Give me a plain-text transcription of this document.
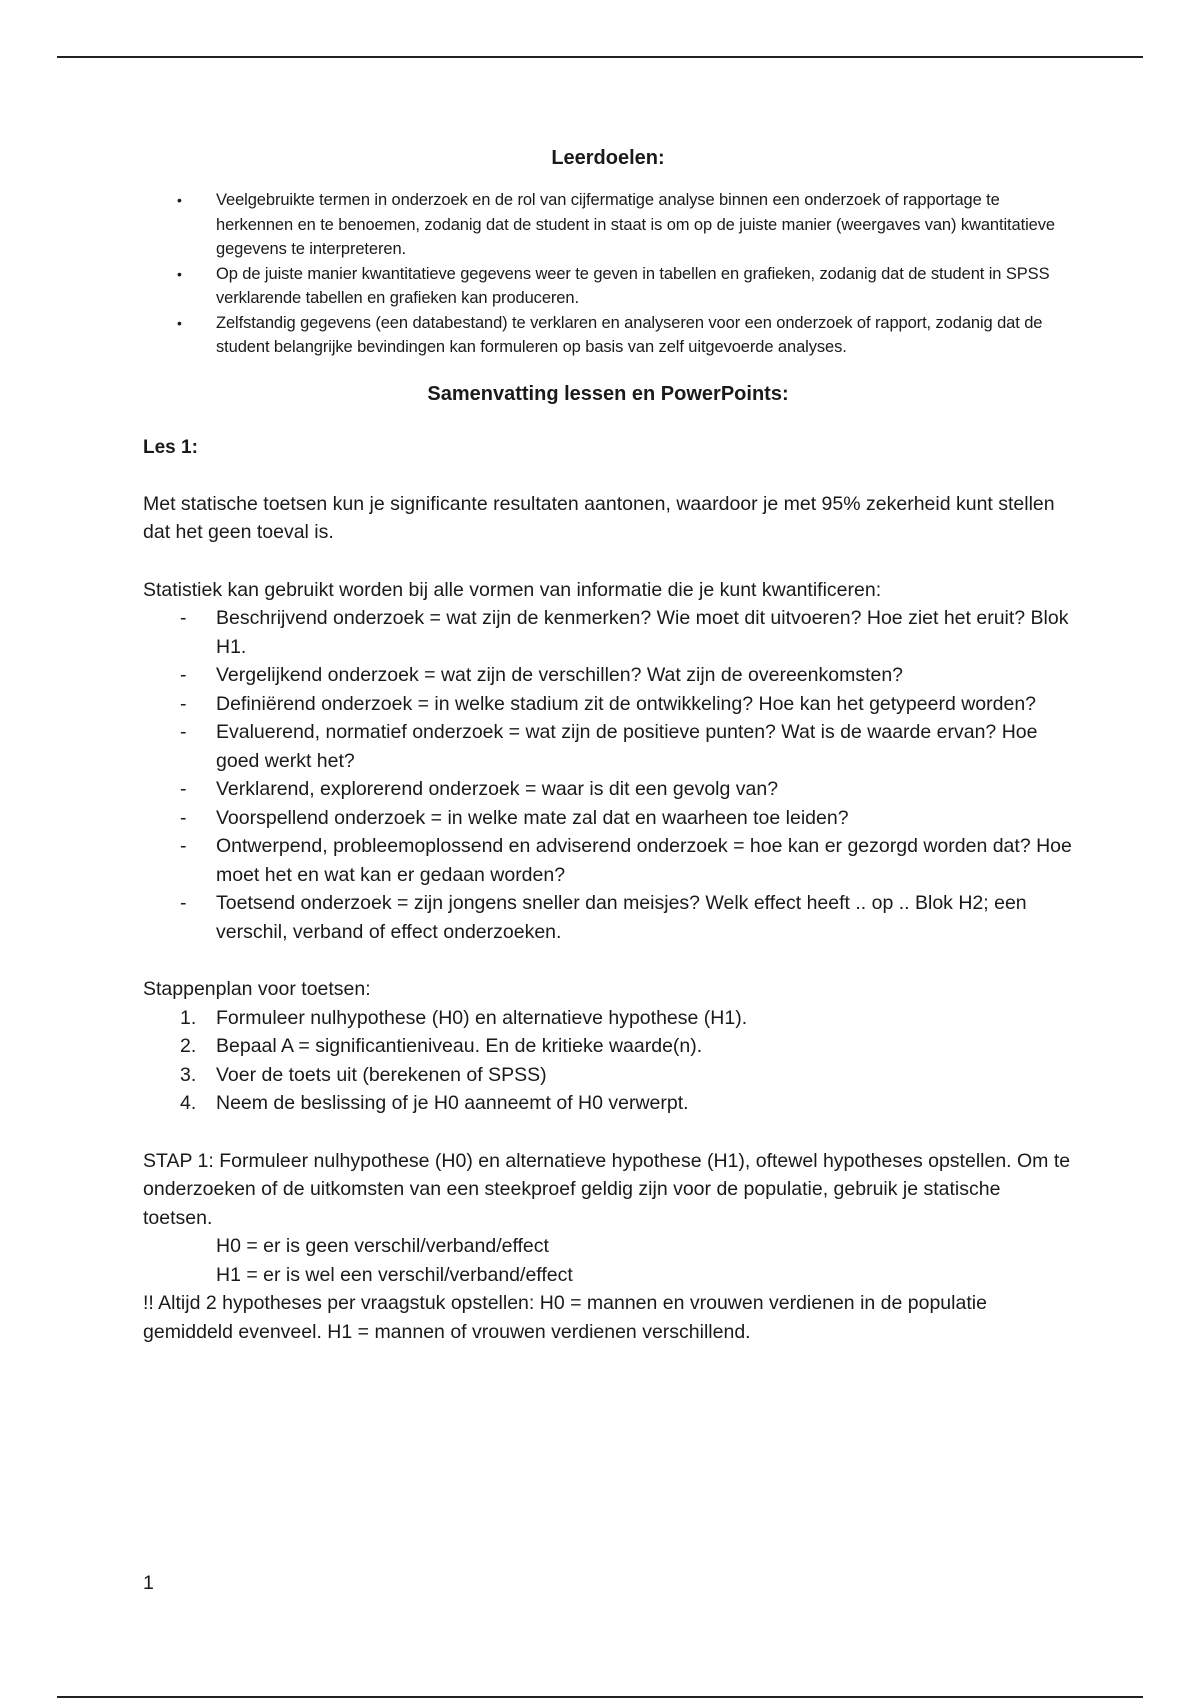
Leerdoelen:
• Veelgebruikte termen in onderzoek en de rol van cijfermatige analyse binnen een onderzoek of rapportage te herkennen en te benoemen, zodanig dat de student in staat is om op de juiste manier (weergaves van) kwantitatieve gegevens te interpreteren.
• Op de juiste manier kwantitatieve gegevens weer te geven in tabellen en grafieken, zodanig dat de student in SPSS verklarende tabellen en grafieken kan produceren.
• Zelfstandig gegevens (een databestand) te verklaren en analyseren voor een onderzoek of rapport, zodanig dat de student belangrijke bevindingen kan formuleren op basis van zelf uitgevoerde analyses.
Samenvatting lessen en PowerPoints:

Les 1:

Met statische toetsen kun je significante resultaten aantonen, waardoor je met 95% zekerheid kunt stellen dat het geen toeval is.

Statistiek kan gebruikt worden bij alle vormen van informatie die je kunt kwantificeren:

- Beschrijvend onderzoek = wat zijn de kenmerken? Wie moet dit uitvoeren? Hoe ziet het eruit? Blok H1.
- Vergelijkend onderzoek = wat zijn de verschillen? Wat zijn de overeenkomsten?
- Definiërend onderzoek = in welke stadium zit de ontwikkeling? Hoe kan het getypeerd worden?
- Evaluerend, normatief onderzoek = wat zijn de positieve punten? Wat is de waarde ervan? Hoe goed werkt het?
- Verklarend, explorerend onderzoek = waar is dit een gevolg van?
- Voorspellend onderzoek = in welke mate zal dat en waarheen toe leiden?
- Ontwerpend, probleemoplossend en adviserend onderzoek = hoe kan er gezorgd worden dat? Hoe moet het en wat kan er gedaan worden?
- Toetsend onderzoek = zijn jongens sneller dan meisjes? Welk effect heeft .. op .. Blok H2; een verschil, verband of effect onderzoeken.

Stappenplan voor toetsen:

1. Formuleer nulhypothese (H0) en alternatieve hypothese (H1).
2. Bepaal A = significantieniveau. En de kritieke waarde(n).
3. Voer de toets uit (berekenen of SPSS)
4. Neem de beslissing of je H0 aanneemt of H0 verwerpt.

STAP 1: Formuleer nulhypothese (H0) en alternatieve hypothese (H1), oftewel hypotheses opstellen. Om te onderzoeken of de uitkomsten van een steekproef geldig zijn voor de populatie, gebruik je statische toetsen.

H0 = er is geen verschil/verband/effect

H1 = er is wel een verschil/verband/effect

!! Altijd 2 hypotheses per vraagstuk opstellen: H0 = mannen en vrouwen verdienen in de populatie gemiddeld evenveel. H1 = mannen of vrouwen verdienen verschillend.

1
